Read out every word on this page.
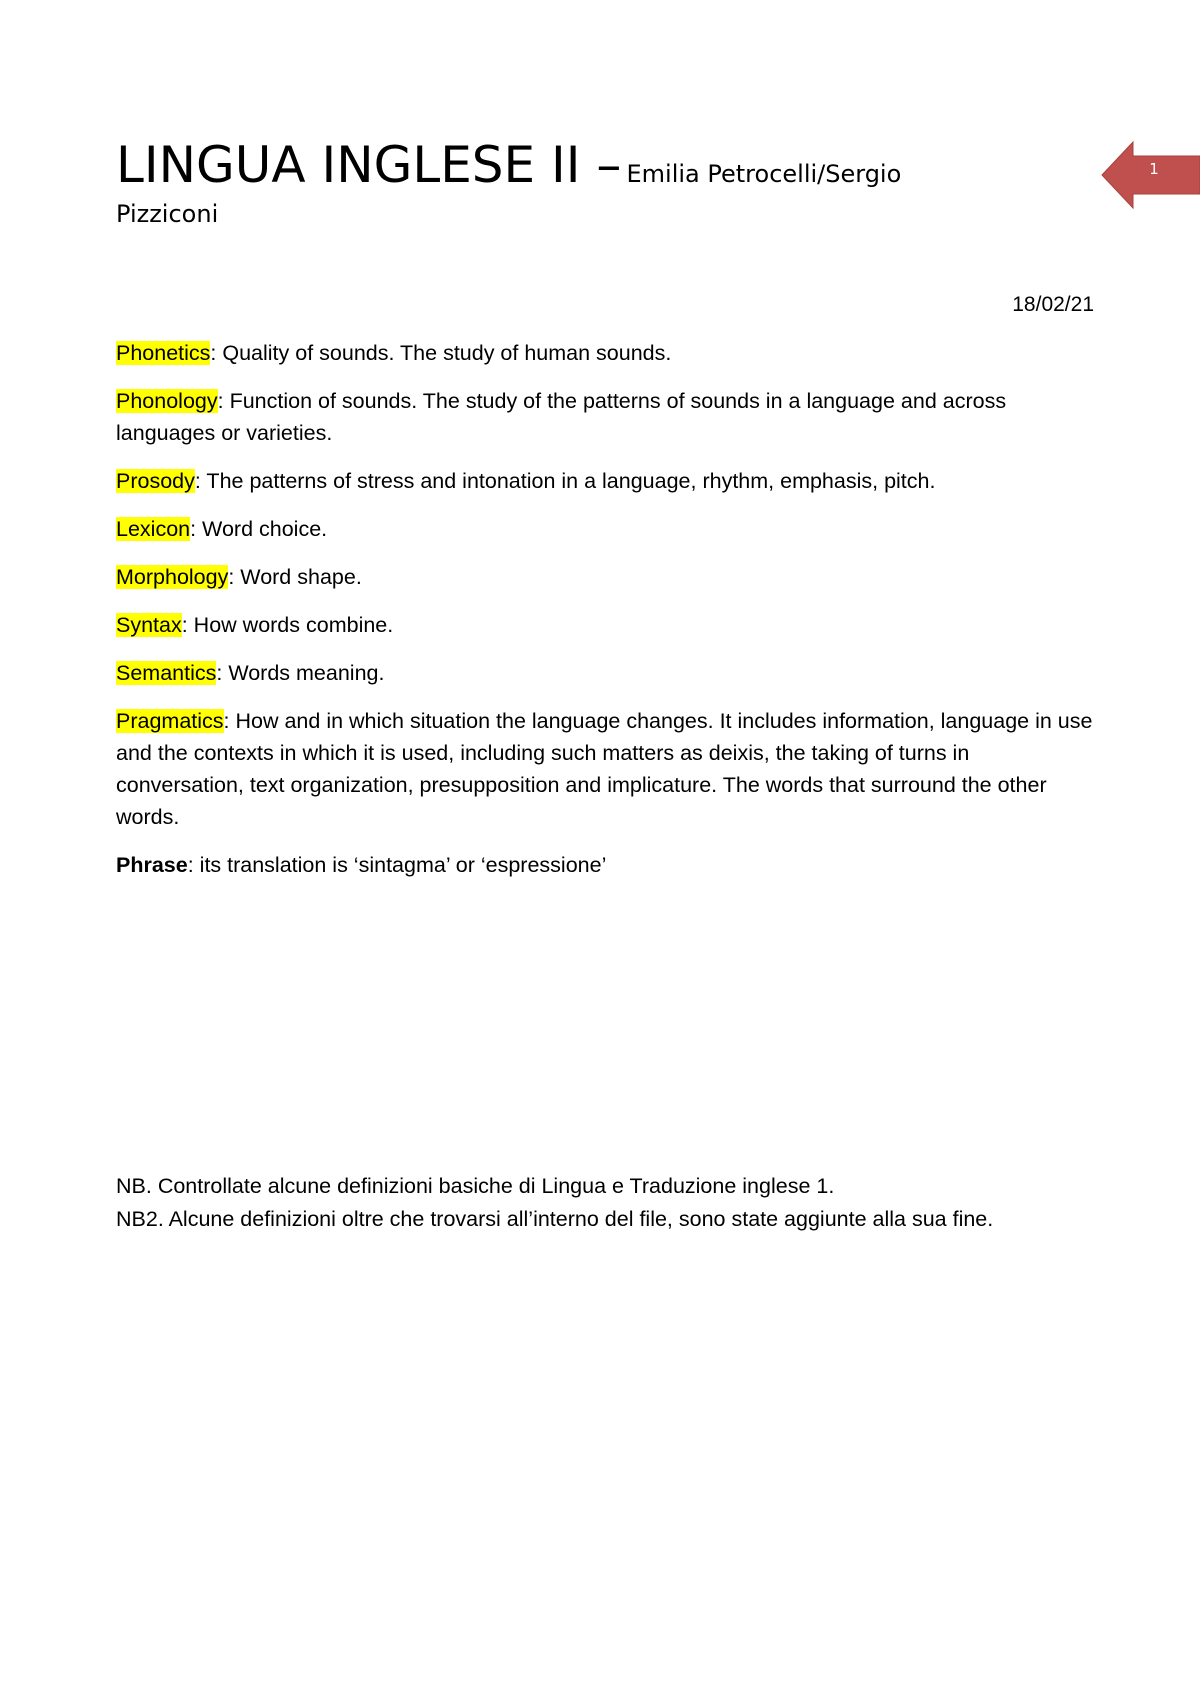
LINGUA INGLESE II – Emilia Petrocelli/Sergio
Pizziconi
1
18/02/21

Phonetics: Quality of sounds. The study of human sounds.

Phonology: Function of sounds. The study of the patterns of sounds in a language and across languages or varieties.

Prosody: The patterns of stress and intonation in a language, rhythm, emphasis, pitch.

Lexicon: Word choice.

Morphology: Word shape.

Syntax: How words combine.

Semantics: Words meaning.

Pragmatics: How and in which situation the language changes. It includes information, language in use and the contexts in which it is used, including such matters as deixis, the taking of turns in conversation, text organization, presupposition and implicature. The words that surround the other words.

Phrase: its translation is ‘sintagma’ or ‘espressione’

NB. Controllate alcune definizioni basiche di Lingua e Traduzione inglese 1.
NB2. Alcune definizioni oltre che trovarsi all’interno del file, sono state aggiunte alla sua fine.
